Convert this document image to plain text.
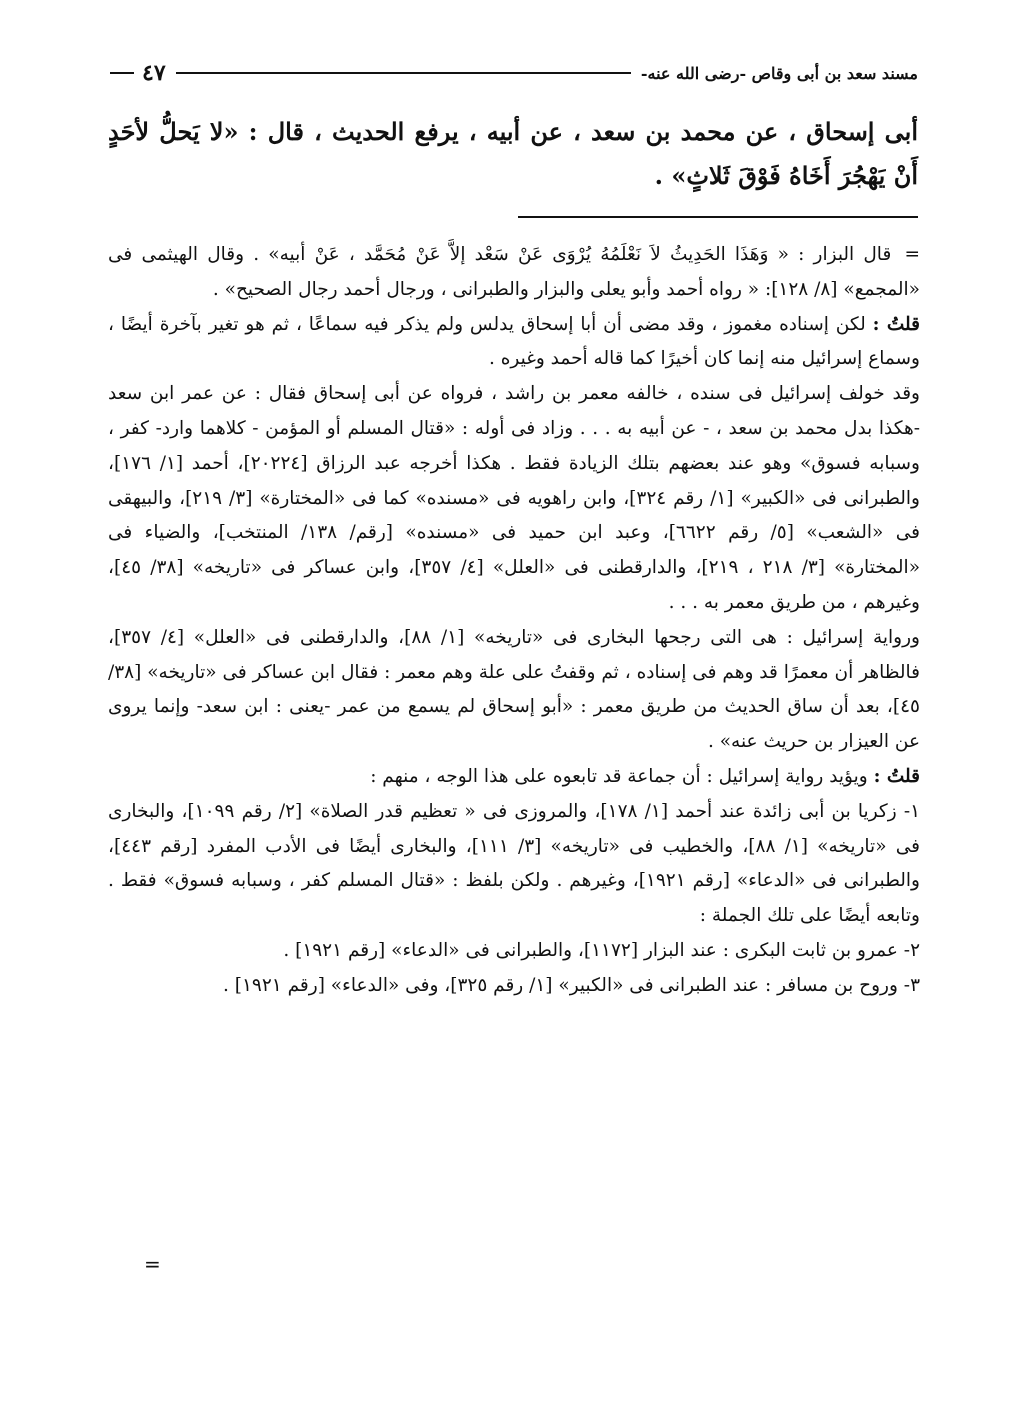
مسند سعد بن أبى وقاص -رضى الله عنه-
٤٧

أبى إسحاق ، عن محمد بن سعد ، عن أبيه ، يرفع الحديث ، قال : «لا يَحلُّ لأحَدٍ أَنْ يَهْجُرَ أَخَاهُ فَوْقَ ثَلاثٍ» .

= قال البزار : « وَهَذَا الحَدِيثُ لاَ نَعْلَمُهُ يُرْوَى عَنْ سَعْد إلاَّ عَنْ مُحَمَّد ، عَنْ أبيه» . وقال الهيثمى فى «المجمع» [٨/ ١٢٨]: « رواه أحمد وأبو يعلى والبزار والطبرانى ، ورجال أحمد رجال الصحيح» .

قلتُ : لكن إسناده مغموز ، وقد مضى أن أبا إسحاق يدلس ولم يذكر فيه سماعًا ، ثم هو تغير بآخرة أيضًا ، وسماع إسرائيل منه إنما كان أخيرًا كما قاله أحمد وغيره .

وقد خولف إسرائيل فى سنده ، خالفه معمر بن راشد ، فرواه عن أبى إسحاق فقال : عن عمر ابن سعد -هكذا بدل محمد بن سعد ، - عن أبيه به . . . وزاد فى أوله : «قتال المسلم أو المؤمن - كلاهما وارد- كفر ، وسبابه فسوق» وهو عند بعضهم بتلك الزيادة فقط . هكذا أخرجه عبد الرزاق [٢٠٢٢٤]، أحمد [١/ ١٧٦]، والطبرانى فى «الكبير» [١/ رقم ٣٢٤]، وابن راهويه فى «مسنده» كما فى «المختارة» [٣/ ٢١٩]، والبيهقى فى «الشعب» [٥/ رقم ٦٦٢٢]، وعبد ابن حميد فى «مسنده» [رقم/ ١٣٨/ المنتخب]، والضياء فى «المختارة» [٣/ ٢١٨ ، ٢١٩]، والدارقطنى فى «العلل» [٤/ ٣٥٧]، وابن عساكر فى «تاريخه» [٣٨/ ٤٥]، وغيرهم ، من طريق معمر به . . .

ورواية إسرائيل : هى التى رجحها البخارى فى «تاريخه» [١/ ٨٨]، والدارقطنى فى «العلل» [٤/ ٣٥٧]، فالظاهر أن معمرًا قد وهم فى إسناده ، ثم وقفتُ على علة وهم معمر : فقال ابن عساكر فى «تاريخه» [٣٨/ ٤٥]، بعد أن ساق الحديث من طريق معمر : «أبو إسحاق لم يسمع من عمر -يعنى : ابن سعد- وإنما يروى عن العيزار بن حريث عنه» .

قلتُ : ويؤيد رواية إسرائيل : أن جماعة قد تابعوه على هذا الوجه ، منهم :

١- زكريا بن أبى زائدة عند أحمد [١/ ١٧٨]، والمروزى فى « تعظيم قدر الصلاة» [٢/ رقم ١٠٩٩]، والبخارى فى «تاريخه» [١/ ٨٨]، والخطيب فى «تاريخه» [٣/ ١١١]، والبخارى أيضًا فى الأدب المفرد [رقم ٤٤٣]، والطبرانى فى «الدعاء» [رقم ١٩٢١]، وغيرهم . ولكن بلفظ : «قتال المسلم كفر ، وسبابه فسوق» فقط . وتابعه أيضًا على تلك الجملة :

٢- عمرو بن ثابت البكرى : عند البزار [١١٧٢]، والطبرانى فى «الدعاء» [رقم ١٩٢١] .

٣- وروح بن مسافر : عند الطبرانى فى «الكبير» [١/ رقم ٣٢٥]، وفى «الدعاء» [رقم ١٩٢١] .

=
